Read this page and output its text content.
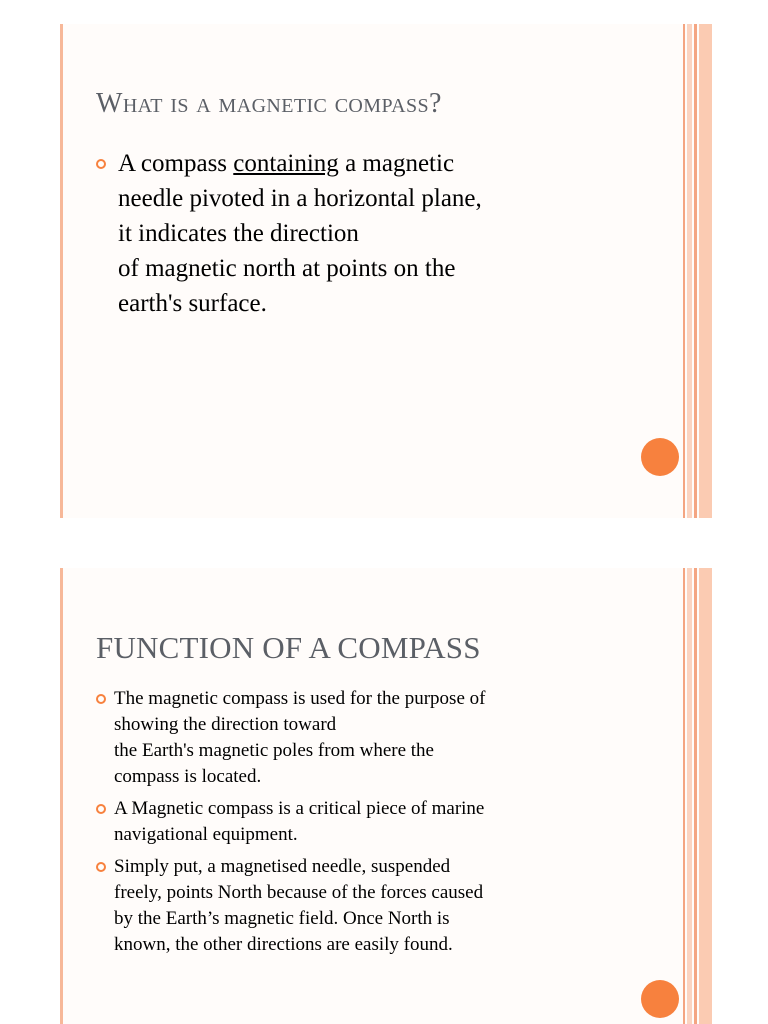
What is a magnetic compass?
A compass containing a magnetic
needle pivoted in a horizontal plane,
it indicates the direction
of magnetic north at points on the
earth's surface.
FUNCTION OF A COMPASS
The magnetic compass is used for the purpose of
showing the direction toward
the Earth's magnetic poles from where the
compass is located.
A Magnetic compass is a critical piece of marine
navigational equipment.
Simply put, a magnetised needle, suspended
freely, points North because of the forces caused
by the Earth’s magnetic field. Once North is
known, the other directions are easily found.
